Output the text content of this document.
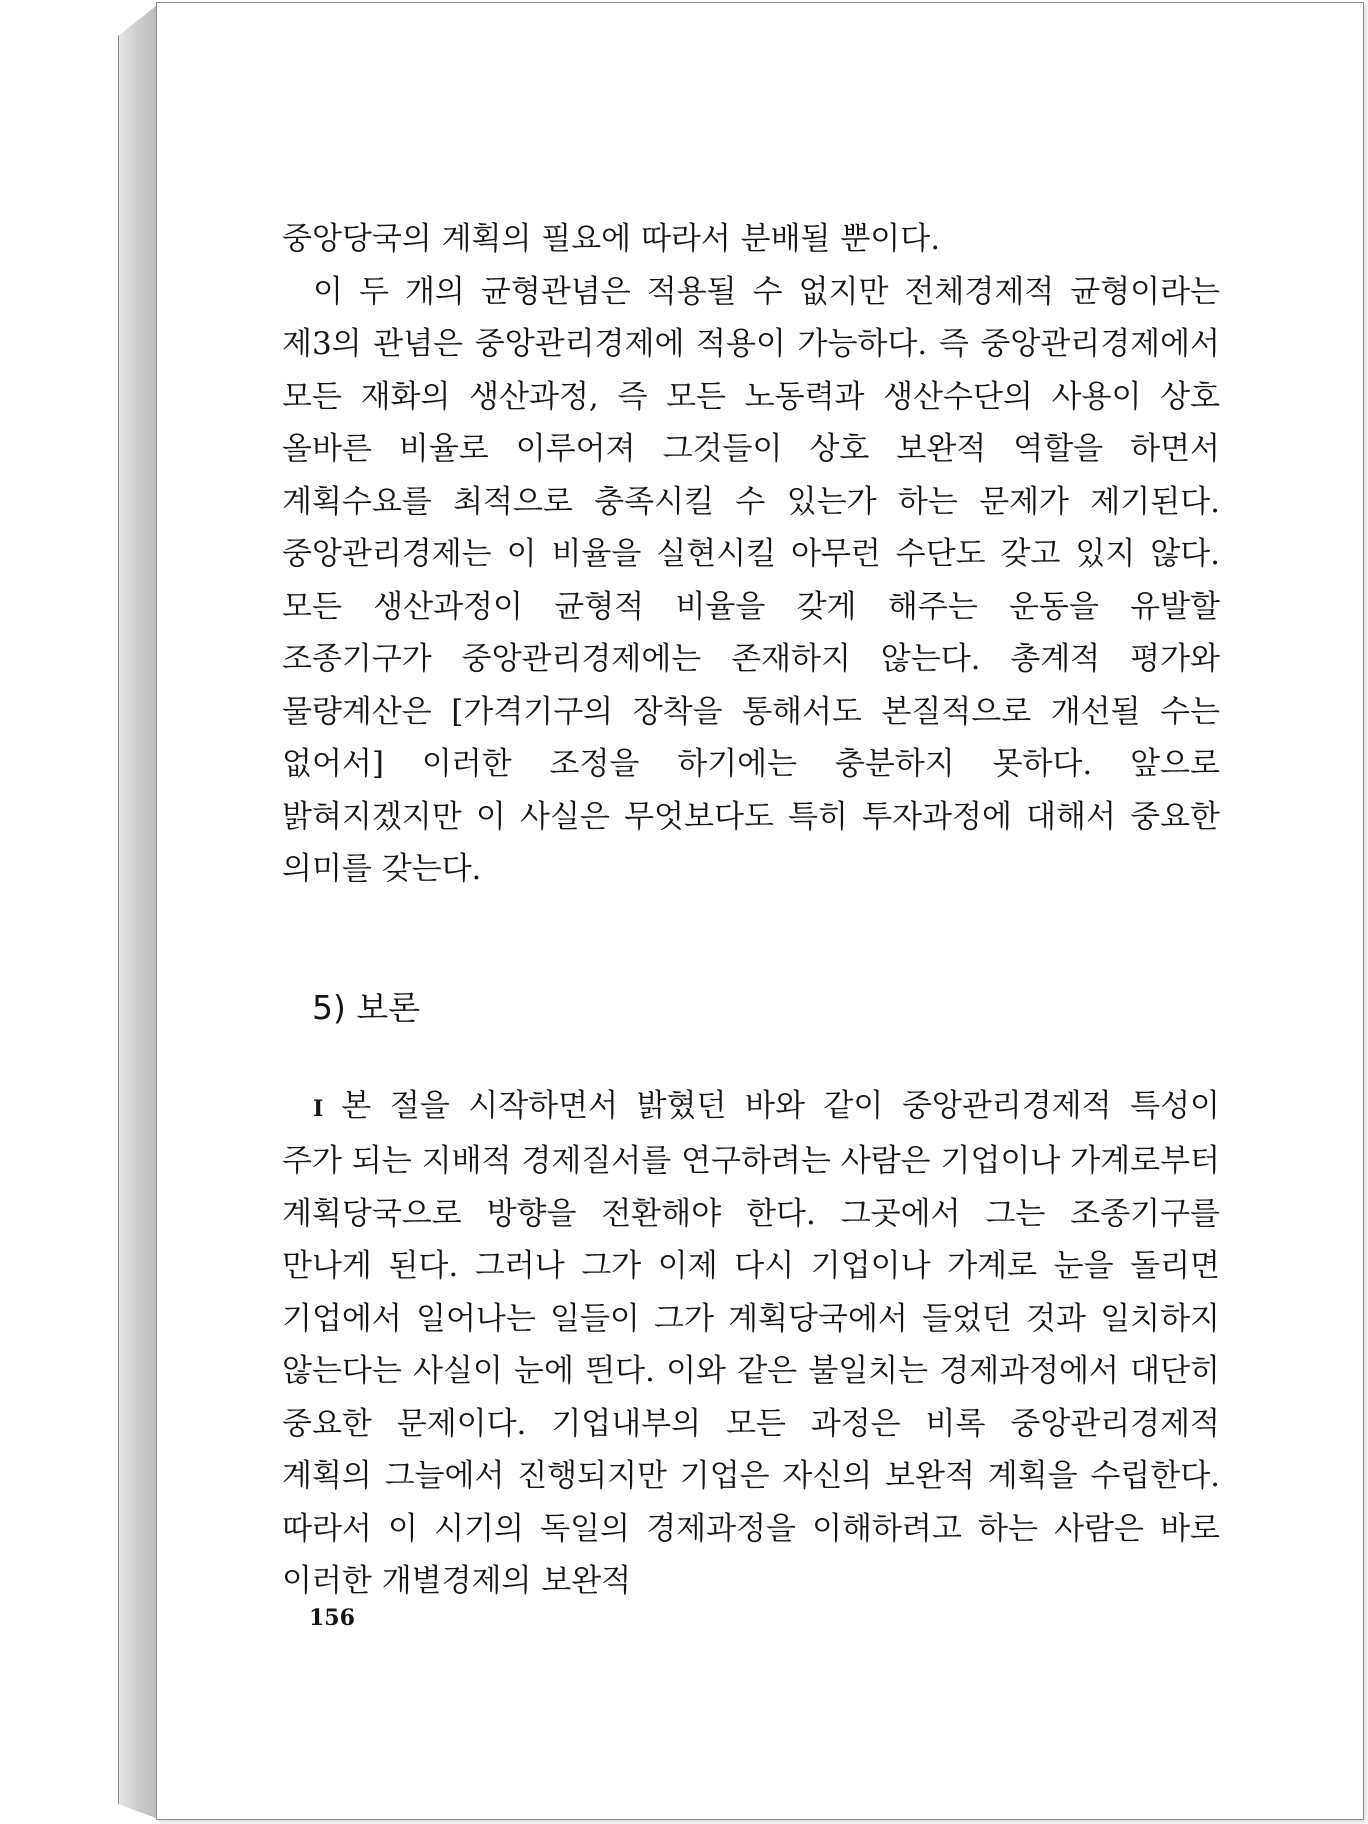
중앙당국의 계획의 필요에 따라서 분배될 뿐이다.

이 두 개의 균형관념은 적용될 수 없지만 전체경제적 균형이라는 제3의 관념은 중앙관리경제에 적용이 가능하다. 즉 중앙관리경제에서 모든 재화의 생산과정, 즉 모든 노동력과 생산수단의 사용이 상호 올바른 비율로 이루어져 그것들이 상호 보완적 역할을 하면서 계획수요를 최적으로 충족시킬 수 있는가 하는 문제가 제기된다. 중앙관리경제는 이 비율을 실현시킬 아무런 수단도 갖고 있지 않다. 모든 생산과정이 균형적 비율을 갖게 해주는 운동을 유발할 조종기구가 중앙관리경제에는 존재하지 않는다. 총계적 평가와 물량계산은 [가격기구의 장착을 통해서도 본질적으로 개선될 수는 없어서] 이러한 조정을 하기에는 충분하지 못하다. 앞으로 밝혀지겠지만 이 사실은 무엇보다도 특히 투자과정에 대해서 중요한 의미를 갖는다.

5) 보론

I 본 절을 시작하면서 밝혔던 바와 같이 중앙관리경제적 특성이 주가 되는 지배적 경제질서를 연구하려는 사람은 기업이나 가계로부터 계획당국으로 방향을 전환해야 한다. 그곳에서 그는 조종기구를 만나게 된다. 그러나 그가 이제 다시 기업이나 가계로 눈을 돌리면 기업에서 일어나는 일들이 그가 계획당국에서 들었던 것과 일치하지 않는다는 사실이 눈에 띈다. 이와 같은 불일치는 경제과정에서 대단히 중요한 문제이다. 기업내부의 모든 과정은 비록 중앙관리경제적 계획의 그늘에서 진행되지만 기업은 자신의 보완적 계획을 수립한다. 따라서 이 시기의 독일의 경제과정을 이해하려고 하는 사람은 바로 이러한 개별경제의 보완적

156
